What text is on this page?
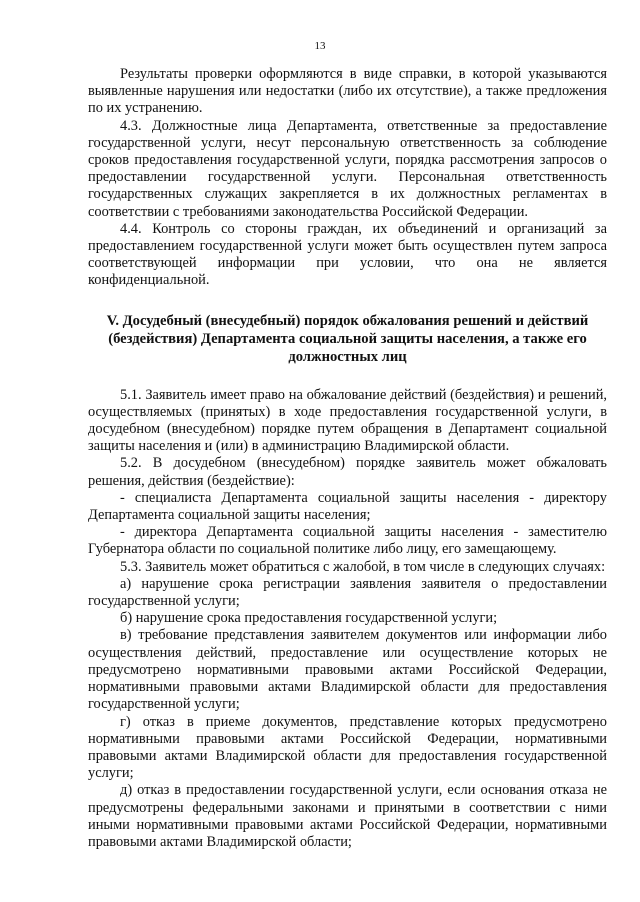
13

Результаты проверки оформляются в виде справки, в которой указываются выявленные нарушения или недостатки (либо их отсутствие), а также предложения по их устранению.

4.3. Должностные лица Департамента, ответственные за предоставление государственной услуги, несут персональную ответственность за соблюдение сроков предоставления государственной услуги, порядка рассмотрения запросов о предоставлении государственной услуги. Персональная ответственность государственных служащих закрепляется в их должностных регламентах в соответствии с требованиями законодательства Российской Федерации.

4.4. Контроль со стороны граждан, их объединений и организаций за предоставлением государственной услуги может быть осуществлен путем запроса соответствующей информации при условии, что она не является конфиденциальной.

V. Досудебный (внесудебный) порядок обжалования решений и действий
(бездействия) Департамента социальной защиты населения, а также его
должностных лиц

5.1. Заявитель имеет право на обжалование действий (бездействия) и решений, осуществляемых (принятых) в ходе предоставления государственной услуги, в досудебном (внесудебном) порядке путем обращения в Департамент социальной защиты населения и (или) в администрацию Владимирской области.

5.2. В досудебном (внесудебном) порядке заявитель может обжаловать решения, действия (бездействие):

- специалиста Департамента социальной защиты населения - директору Департамента социальной защиты населения;

- директора Департамента социальной защиты населения - заместителю Губернатора области по социальной политике либо лицу, его замещающему.

5.3. Заявитель может обратиться с жалобой, в том числе в следующих случаях:

а) нарушение срока регистрации заявления заявителя о предоставлении государственной услуги;

б) нарушение срока предоставления государственной услуги;

в) требование представления заявителем документов или информации либо осуществления действий, предоставление или осуществление которых не предусмотрено нормативными правовыми актами Российской Федерации, нормативными правовыми актами Владимирской области для предоставления государственной услуги;

г) отказ в приеме документов, представление которых предусмотрено нормативными правовыми актами Российской Федерации, нормативными правовыми актами Владимирской области для предоставления государственной услуги;

д) отказ в предоставлении государственной услуги, если основания отказа не предусмотрены федеральными законами и принятыми в соответствии с ними иными нормативными правовыми актами Российской Федерации, нормативными правовыми актами Владимирской области;
